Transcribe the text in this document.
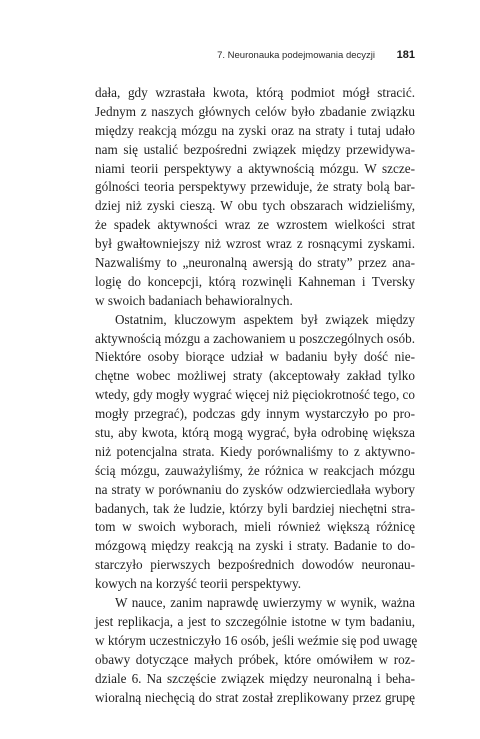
7. Neuronauka podejmowania decyzji 181
dała, gdy wzrastała kwota, którą podmiot mógł stracić.
Jednym z naszych głównych celów było zbadanie związku
między reakcją mózgu na zyski oraz na straty i tutaj udało
nam się ustalić bezpośredni związek między przewidywa-
niami teorii perspektywy a aktywnością mózgu. W szcze-
gólności teoria perspektywy przewiduje, że straty bolą bar-
dziej niż zyski cieszą. W obu tych obszarach widzieliśmy,
że spadek aktywności wraz ze wzrostem wielkości strat
był gwałtowniejszy niż wzrost wraz z rosnącymi zyskami.
Nazwaliśmy to „neuronalną awersją do straty” przez ana-
logię do koncepcji, którą rozwinęli Kahneman i Tversky
w swoich badaniach behawioralnych.
Ostatnim, kluczowym aspektem był związek między
aktywnością mózgu a zachowaniem u poszczególnych osób.
Niektóre osoby biorące udział w badaniu były dość nie-
chętne wobec możliwej straty (akceptowały zakład tylko
wtedy, gdy mogły wygrać więcej niż pięciokrotność tego, co
mogły przegrać), podczas gdy innym wystarczyło po pro-
stu, aby kwota, którą mogą wygrać, była odrobinę większa
niż potencjalna strata. Kiedy porównaliśmy to z aktywno-
ścią mózgu, zauważyliśmy, że różnica w reakcjach mózgu
na straty w porównaniu do zysków odzwierciedlała wybory
badanych, tak że ludzie, którzy byli bardziej niechętni stra-
tom w swoich wyborach, mieli również większą różnicę
mózgową między reakcją na zyski i straty. Badanie to do-
starczyło pierwszych bezpośrednich dowodów neuronau-
kowych na korzyść teorii perspektywy.
W nauce, zanim naprawdę uwierzymy w wynik, ważna
jest replikacja, a jest to szczególnie istotne w tym badaniu,
w którym uczestniczyło 16 osób, jeśli weźmie się pod uwagę
obawy dotyczące małych próbek, które omówiłem w roz-
dziale 6. Na szczęście związek między neuronalną i beha-
wioralną niechęcią do strat został zreplikowany przez grupę
